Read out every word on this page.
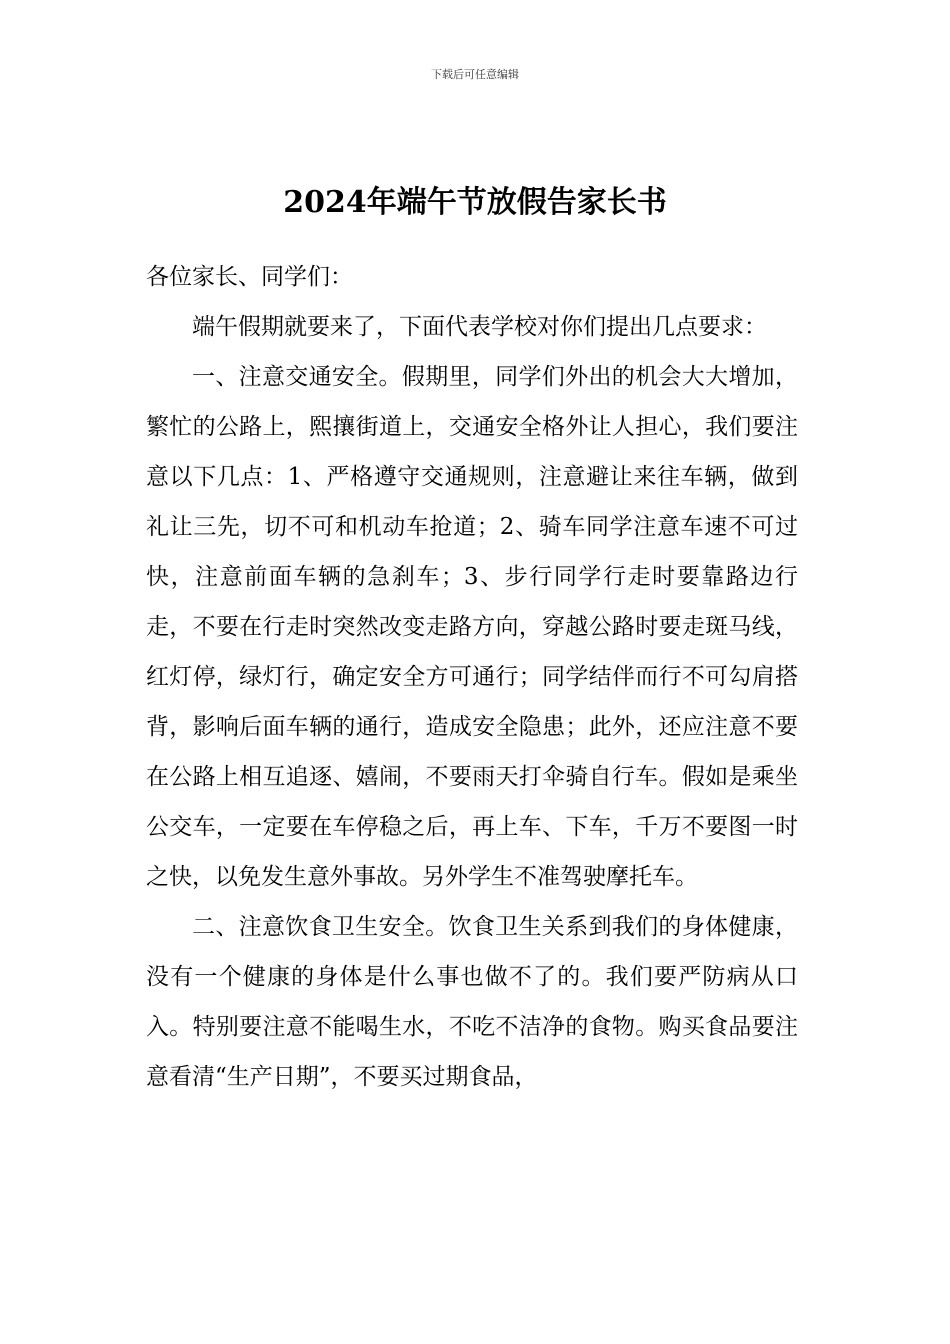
下载后可任意编辑
2024年端午节放假告家长书

各位家长、同学们：

端午假期就要来了，下面代表学校对你们提出几点要求：

一、注意交通安全。假期里，同学们外出的机会大大增加，繁忙的公路上，熙攘街道上，交通安全格外让人担心，我们要注意以下几点：1、严格遵守交通规则，注意避让来往车辆，做到礼让三先，切不可和机动车抢道；2、骑车同学注意车速不可过快，注意前面车辆的急刹车；3、步行同学行走时要靠路边行走，不要在行走时突然改变走路方向，穿越公路时要走斑马线，红灯停，绿灯行，确定安全方可通行；同学结伴而行不可勾肩搭背，影响后面车辆的通行，造成安全隐患；此外，还应注意不要在公路上相互追逐、嬉闹，不要雨天打伞骑自行车。假如是乘坐公交车，一定要在车停稳之后，再上车、下车，千万不要图一时之快，以免发生意外事故。另外学生不准驾驶摩托车。

二、注意饮食卫生安全。饮食卫生关系到我们的身体健康，没有一个健康的身体是什么事也做不了的。我们要严防病从口入。特别要注意不能喝生水，不吃不洁净的食物。购买食品要注意看清“生产日期”，不要买过期食品，
